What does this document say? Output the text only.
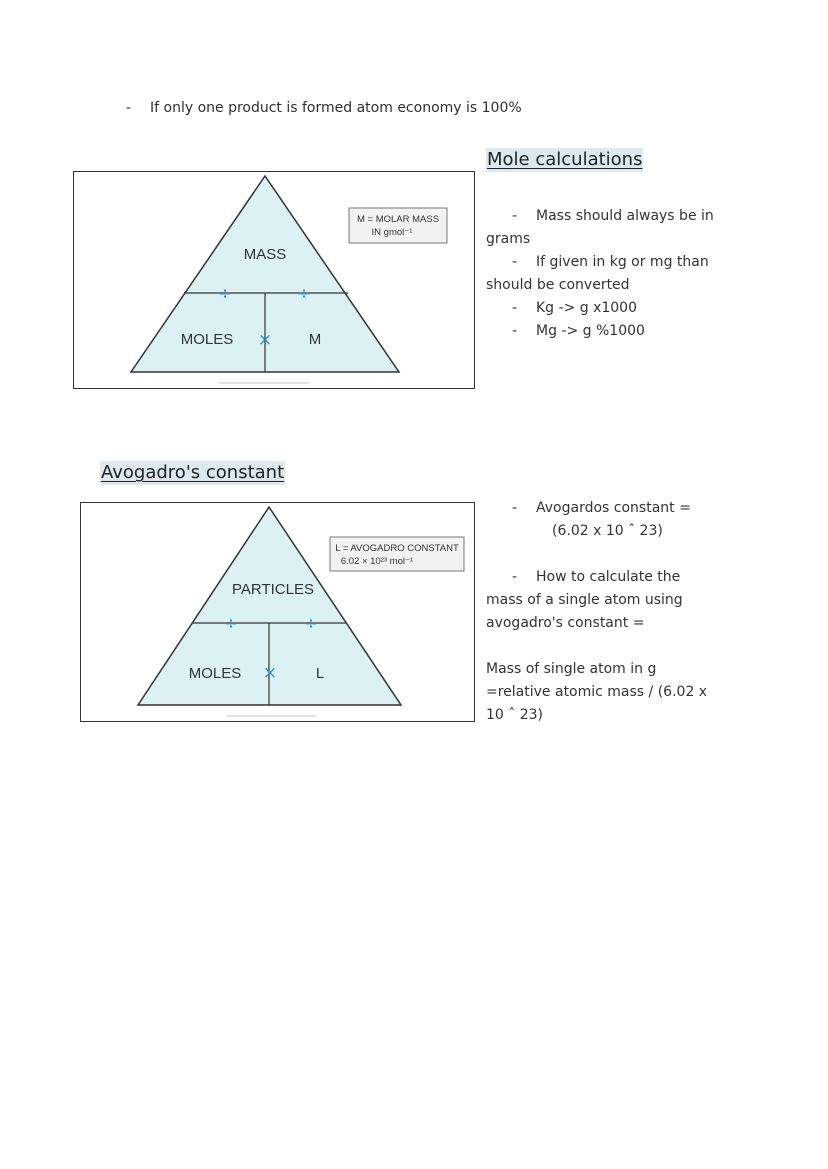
- If only one product is formed atom economy is 100%
Mole calculations
MASS
÷	÷
MOLES × M
M = MOLAR MASS
IN gmol⁻¹

- Mass should always be in

grams

- If given in kg or mg than

should be converted

- Kg -> g x1000

- Mg -> g %1000

Avogadro's constant
PARTICLES
÷	÷
MOLES ×	L
L = AVOGADRO CONSTANT
6.02 × 10²³ mol⁻¹

- Avogardos constant =

(6.02 x 10 ˆ 23)

- How to calculate the

mass of a single atom using

avogadro's constant =

Mass of single atom in g

=relative atomic mass / (6.02 x

10 ˆ 23)
